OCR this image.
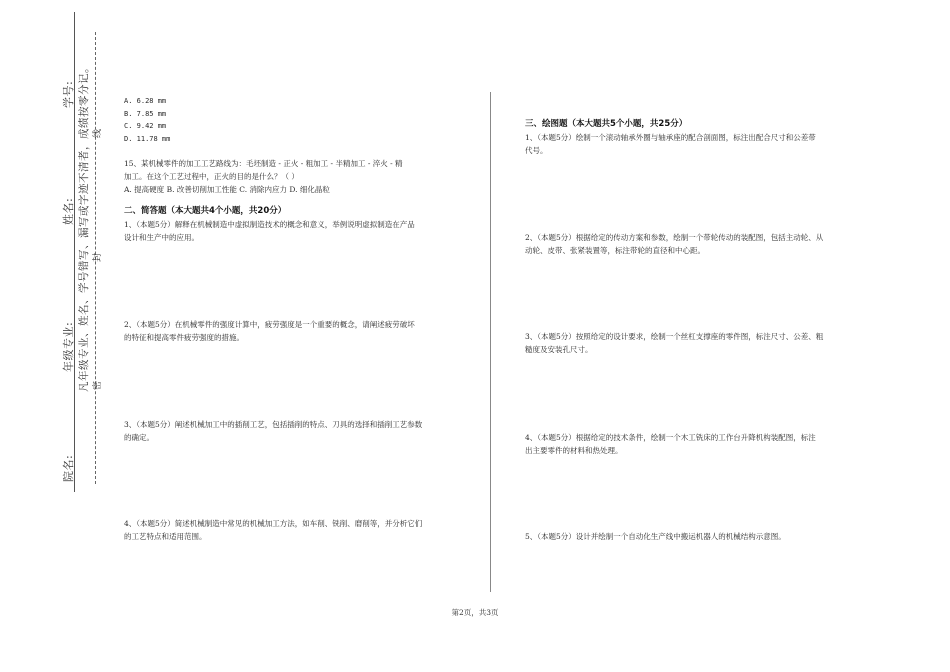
学号:
姓名:
年级专业:
院名:
凡年级专业、姓名、学号错写、漏写或字迹不清者，成绩按零分记。 密
封
线
A. 6.28 mm
B. 7.85 mm
C. 9.42 mm
D. 11.78 mm

15、某机械零件的加工工艺路线为：毛坯制造 - 正火 - 粗加工 - 半精加工 - 淬火 - 精

加工。在这个工艺过程中，正火的目的是什么？（ ）

A. 提高硬度 B. 改善切削加工性能 C. 消除内应力 D. 细化晶粒

二、简答题（本大题共4个小题，共20分）

1、（本题5分）解释在机械制造中虚拟制造技术的概念和意义，举例说明虚拟制造在产品

设计和生产中的应用。

2、（本题5分）在机械零件的强度计算中，疲劳强度是一个重要的概念，请阐述疲劳破坏

的特征和提高零件疲劳强度的措施。

3、（本题5分）阐述机械加工中的插削工艺，包括插削的特点、刀具的选择和插削工艺参数

的确定。

4、（本题5分）简述机械制造中常见的机械加工方法，如车削、铣削、磨削等，并分析它们

的工艺特点和适用范围。

三、绘图题（本大题共5个小题，共25分）

1、（本题5分）绘制一个滚动轴承外圈与轴承座的配合剖面图，标注出配合尺寸和公差带

代号。

2、（本题5分）根据给定的传动方案和参数，绘制一个带轮传动的装配图，包括主动轮、从

动轮、皮带、张紧装置等，标注带轮的直径和中心距。

3、（本题5分）按照给定的设计要求，绘制一个丝杠支撑座的零件图，标注尺寸、公差、粗

糙度及安装孔尺寸。

4、（本题5分）根据给定的技术条件，绘制一个木工铣床的工作台升降机构装配图，标注

出主要零件的材料和热处理。

5、（本题5分）设计并绘制一个自动化生产线中搬运机器人的机械结构示意图。

第2页，共3页
